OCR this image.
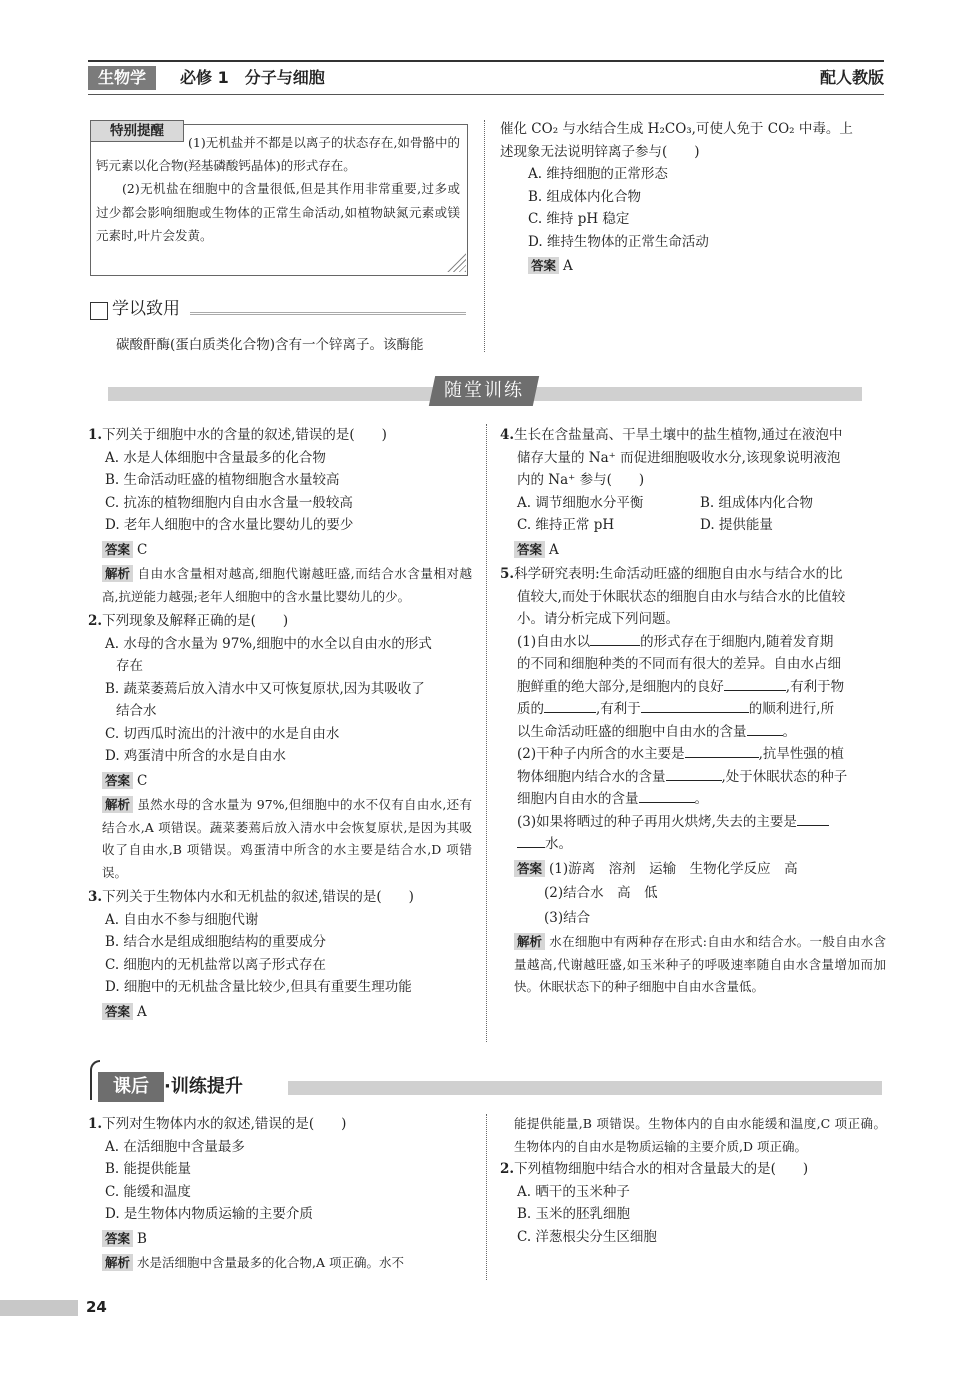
生物学	必修 1　分子与细胞	配人教版
特别提醒
(1)无机盐并不都是以离子的状态存在,如骨骼中的钙元素以化合物(羟基磷酸钙晶体)的形式存在。
(2)无机盐在细胞中的含量很低,但是其作用非常重要,过多或过少都会影响细胞或生物体的正常生命活动,如植物缺氮元素或镁元素时,叶片会发黄。
学以致用
碳酸酐酶(蛋白质类化合物)含有一个锌离子。该酶能
催化 CO₂ 与水结合生成 H₂CO₃,可使人免于 CO₂ 中毒。上
述现象无法说明锌离子参与(　　)
A. 维持细胞的正常形态
B. 组成体内化合物
C. 维持 pH 稳定
D. 维持生物体的正常生命活动
答案 A
随堂训练
1.下列关于细胞中水的含量的叙述,错误的是(　　)
A. 水是人体细胞中含量最多的化合物
B. 生命活动旺盛的植物细胞含水量较高
C. 抗冻的植物细胞内自由水含量一般较高
D. 老年人细胞中的含水量比婴幼儿的要少
答案 C
解析 自由水含量相对越高,细胞代谢越旺盛,而结合水含量相对越高,抗逆能力越强;老年人细胞中的含水量比婴幼儿的少。
2.下列现象及解释正确的是(　　)
A. 水母的含水量为 97%,细胞中的水全以自由水的形式
存在
B. 蔬菜萎蔫后放入清水中又可恢复原状,因为其吸收了
结合水
C. 切西瓜时流出的汁液中的水是自由水
D. 鸡蛋清中所含的水是自由水
答案 C
解析 虽然水母的含水量为 97%,但细胞中的水不仅有自由水,还有结合水,A 项错误。蔬菜萎蔫后放入清水中会恢复原状,是因为其吸收了自由水,B 项错误。鸡蛋清中所含的水主要是结合水,D 项错误。
3.下列关于生物体内水和无机盐的叙述,错误的是(　　)
A. 自由水不参与细胞代谢
B. 结合水是组成细胞结构的重要成分
C. 细胞内的无机盐常以离子形式存在
D. 细胞中的无机盐含量比较少,但具有重要生理功能
答案 A
4.生长在含盐量高、干旱土壤中的盐生植物,通过在液泡中
储存大量的 Na⁺ 而促进细胞吸收水分,该现象说明液泡
内的 Na⁺ 参与(　　)
A. 调节细胞水分平衡	B. 组成体内化合物
C. 维持正常 pH	D. 提供能量
答案 A
5.科学研究表明:生命活动旺盛的细胞自由水与结合水的比
值较大,而处于休眠状态的细胞自由水与结合水的比值较
小。请分析完成下列问题。
(1)自由水以	的形式存在于细胞内,随着发育期
的不同和细胞种类的不同而有很大的差异。自由水占细
胞鲜重的绝大部分,是细胞内的良好	,有利于物
质的	,有利于	的顺利进行,所
以生命活动旺盛的细胞中自由水的含量	。
(2)干种子内所含的水主要是	,抗旱性强的植
物体细胞内结合水的含量	,处于休眠状态的种子
细胞内自由水的含量	。
(3)如果将晒过的种子再用火烘烤,失去的主要是
水。
答案 (1)游离　溶剂　运输　生物化学反应　高
(2)结合水　高　低
(3)结合
解析 水在细胞中有两种存在形式:自由水和结合水。一般自由水含量越高,代谢越旺盛,如玉米种子的呼吸速率随自由水含量增加而加快。休眠状态下的种子细胞中自由水含量低。
课后 ·训练提升
1.下列对生物体内水的叙述,错误的是(　　)
A. 在活细胞中含量最多
B. 能提供能量
C. 能缓和温度
D. 是生物体内物质运输的主要介质
答案 B
解析 水是活细胞中含量最多的化合物,A 项正确。水不
能提供能量,B 项错误。生物体内的自由水能缓和温度,C 项正确。生物体内的自由水是物质运输的主要介质,D 项正确。
2.下列植物细胞中结合水的相对含量最大的是(　　)
A. 晒干的玉米种子
B. 玉米的胚乳细胞
C. 洋葱根尖分生区细胞
24
